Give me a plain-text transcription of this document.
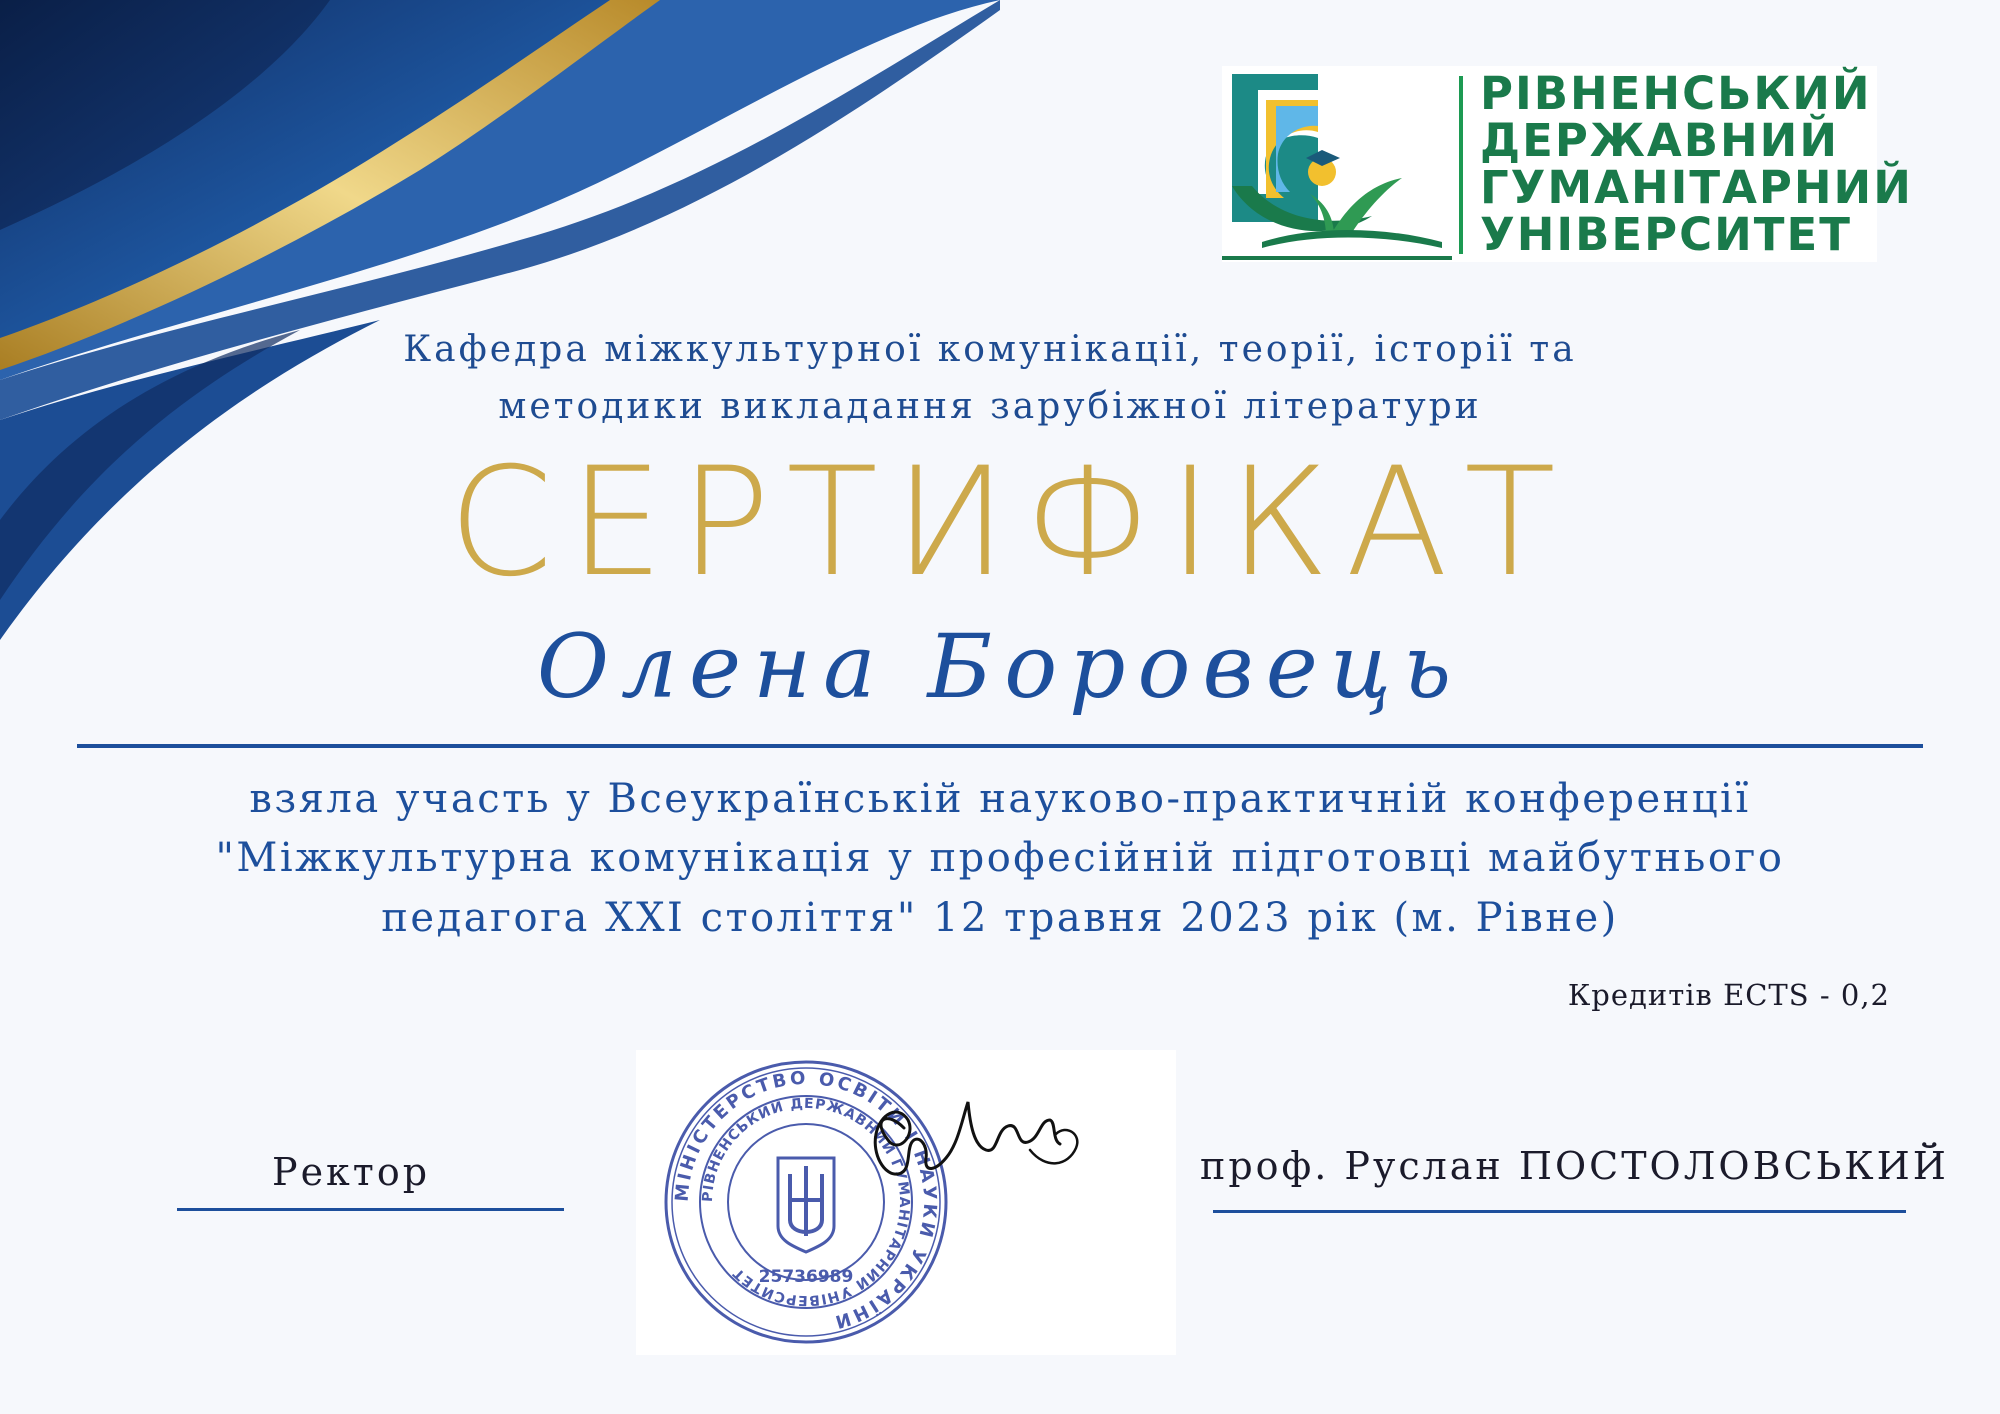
РІВНЕНСЬКИЙ
ДЕРЖАВНИЙ
ГУМАНІТАРНИЙ
УНІВЕРСИТЕТ
Кафедра міжкультурної комунікації, теорії, історії та
методики викладання зарубіжної літератури
СЕРТИФІКАТ
Олена Боровець
взяла участь у Всеукраїнській науково-практичній конференції
"Міжкультурна комунікація у професійній підготовці майбутнього
педагога XXI століття" 12 травня 2023 рік (м. Рівне)
Кредитів ECTS - 0,2
МІНІСТЕРСТВО ОСВІТИ І НАУКИ УКРАЇНИ
РІВНЕНСЬКИЙ ДЕРЖАВНИЙ ГУМАНІТАРНИЙ УНІВЕРСИТЕТ 25736989
Ректор	проф. Руслан ПОСТОЛОВСЬКИЙ
